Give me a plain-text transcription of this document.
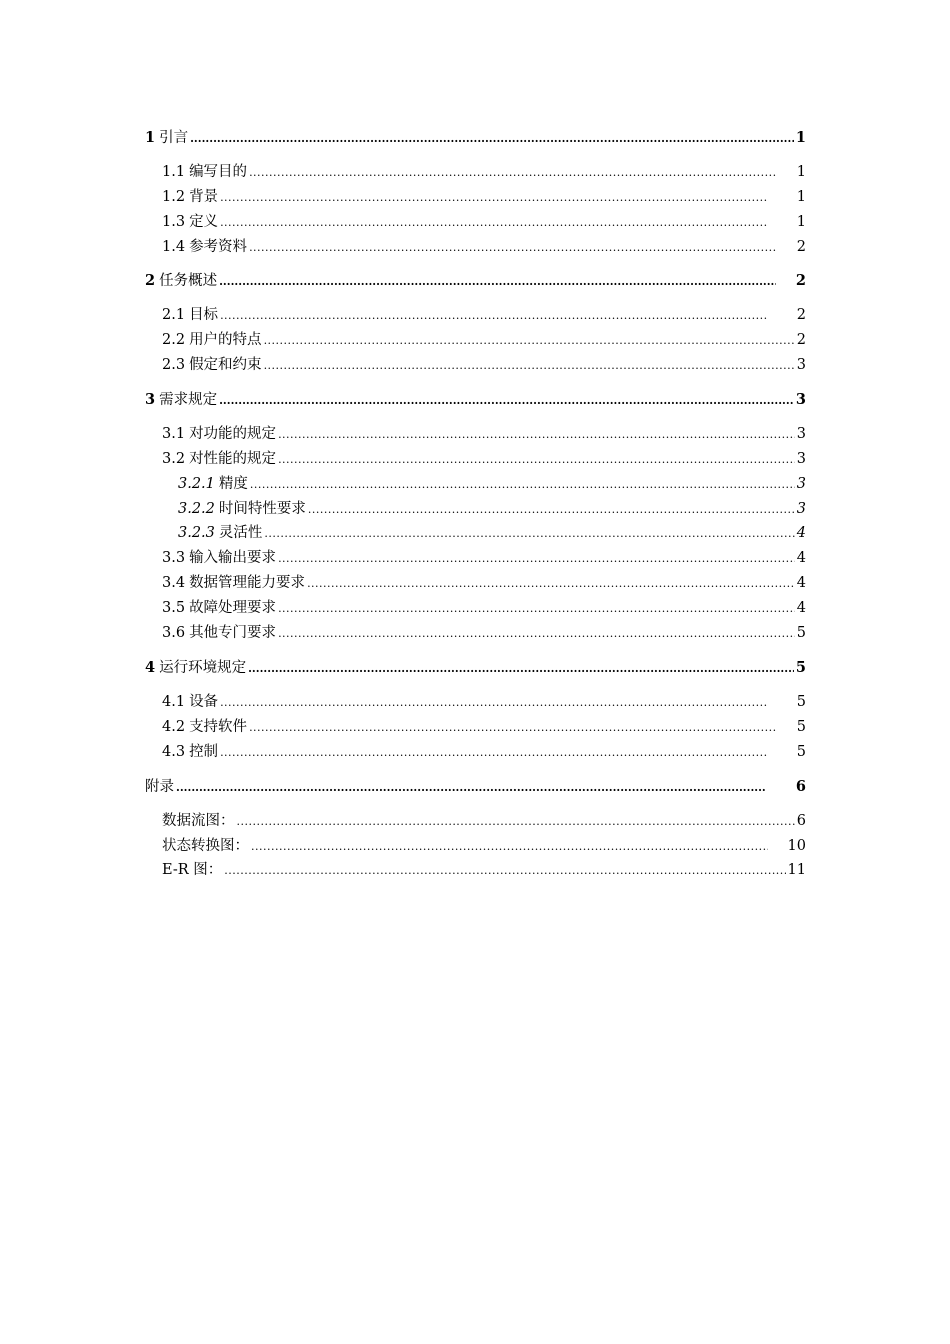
1 引言 .....	1
1.1 编写目的 .....	1
1.2 背景 .....	1
1.3 定义 .....	1
1.4 参考资料 .....	2
2 任务概述 .....	2
2.1 目标 .....	2
2.2 用户的特点 .....	2
2.3 假定和约束 .....	3
3 需求规定 .....	3
3.1 对功能的规定 .....	3
3.2 对性能的规定 .....	3
3.2.1 精度 .....	3
3.2.2 时间特性要求 .....	3
3.2.3 灵活性 .....	4
3.3 输入输出要求 .....	4
3.4 数据管理能力要求 .....	4
3.5 故障处理要求 .....	4
3.6 其他专门要求 .....	5
4 运行环境规定 .....	5
4.1 设备 .....	5
4.2 支持软件 .....	5
4.3 控制 .....	5
附录 .....	6
数据流图： .....	6
状态转换图： .....	10
E-R 图： .....	11
